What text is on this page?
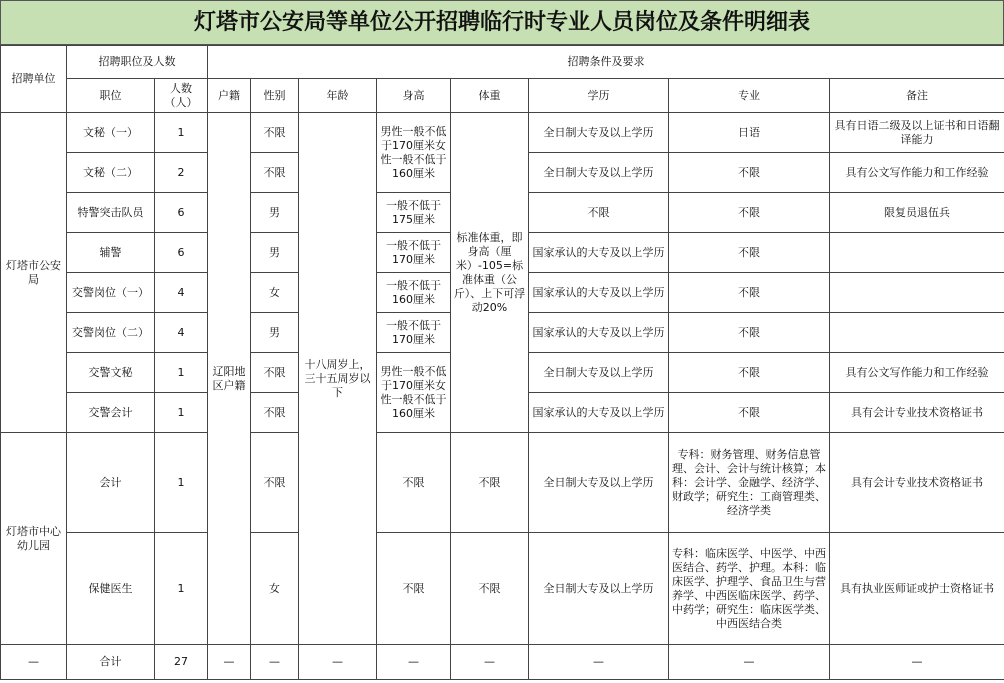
灯塔市公安局等单位公开招聘临行时专业人员岗位及条件明细表
招聘单位	招聘职位及人数		招聘条件及要求							
	职位	人数（人）	户籍	性别	年龄	身高	体重	学历	专业	备注
灯塔市公安局	文秘（一）	1	辽阳地区户籍	不限	十八周岁上，三十五周岁以下	男性一般不低于170厘米女性一般不低于160厘米	标准体重，即身高（厘米）-105=标准体重（公斤）、上下可浮动20%	全日制大专及以上学历	日语	具有日语二级及以上证书和日语翻译能力
	文秘（二）	2		不限				全日制大专及以上学历	不限	具有公文写作能力和工作经验
	特警突击队员	6		男		一般不低于175厘米		不限	不限	限复员退伍兵
	辅警	6		男		一般不低于170厘米		国家承认的大专及以上学历	不限	
	交警岗位（一）	4		女		一般不低于160厘米		国家承认的大专及以上学历	不限	
	交警岗位（二）	4		男		一般不低于170厘米		国家承认的大专及以上学历	不限	
	交警文秘	1		不限		男性一般不低于170厘米女性一般不低于160厘米		全日制大专及以上学历	不限	具有公文写作能力和工作经验
	交警会计	1		不限				国家承认的大专及以上学历	不限	具有会计专业技术资格证书
灯塔市中心幼儿园	会计	1		不限		不限	不限	全日制大专及以上学历	专科：财务管理、财务信息管理、会计、会计与统计核算；本科：会计学、金融学、经济学、财政学；研究生：工商管理类、经济学类	具有会计专业技术资格证书
	保健医生	1		女		不限	不限	全日制大专及以上学历	专科：临床医学、中医学、中西医结合、药学、护理。本科：临床医学、护理学、食品卫生与营养学、中西医临床医学、药学、中药学；研究生：临床医学类、中西医结合类	具有执业医师证或护士资格证书
—	合计	27	—	—	—	—	—	—	—	—
